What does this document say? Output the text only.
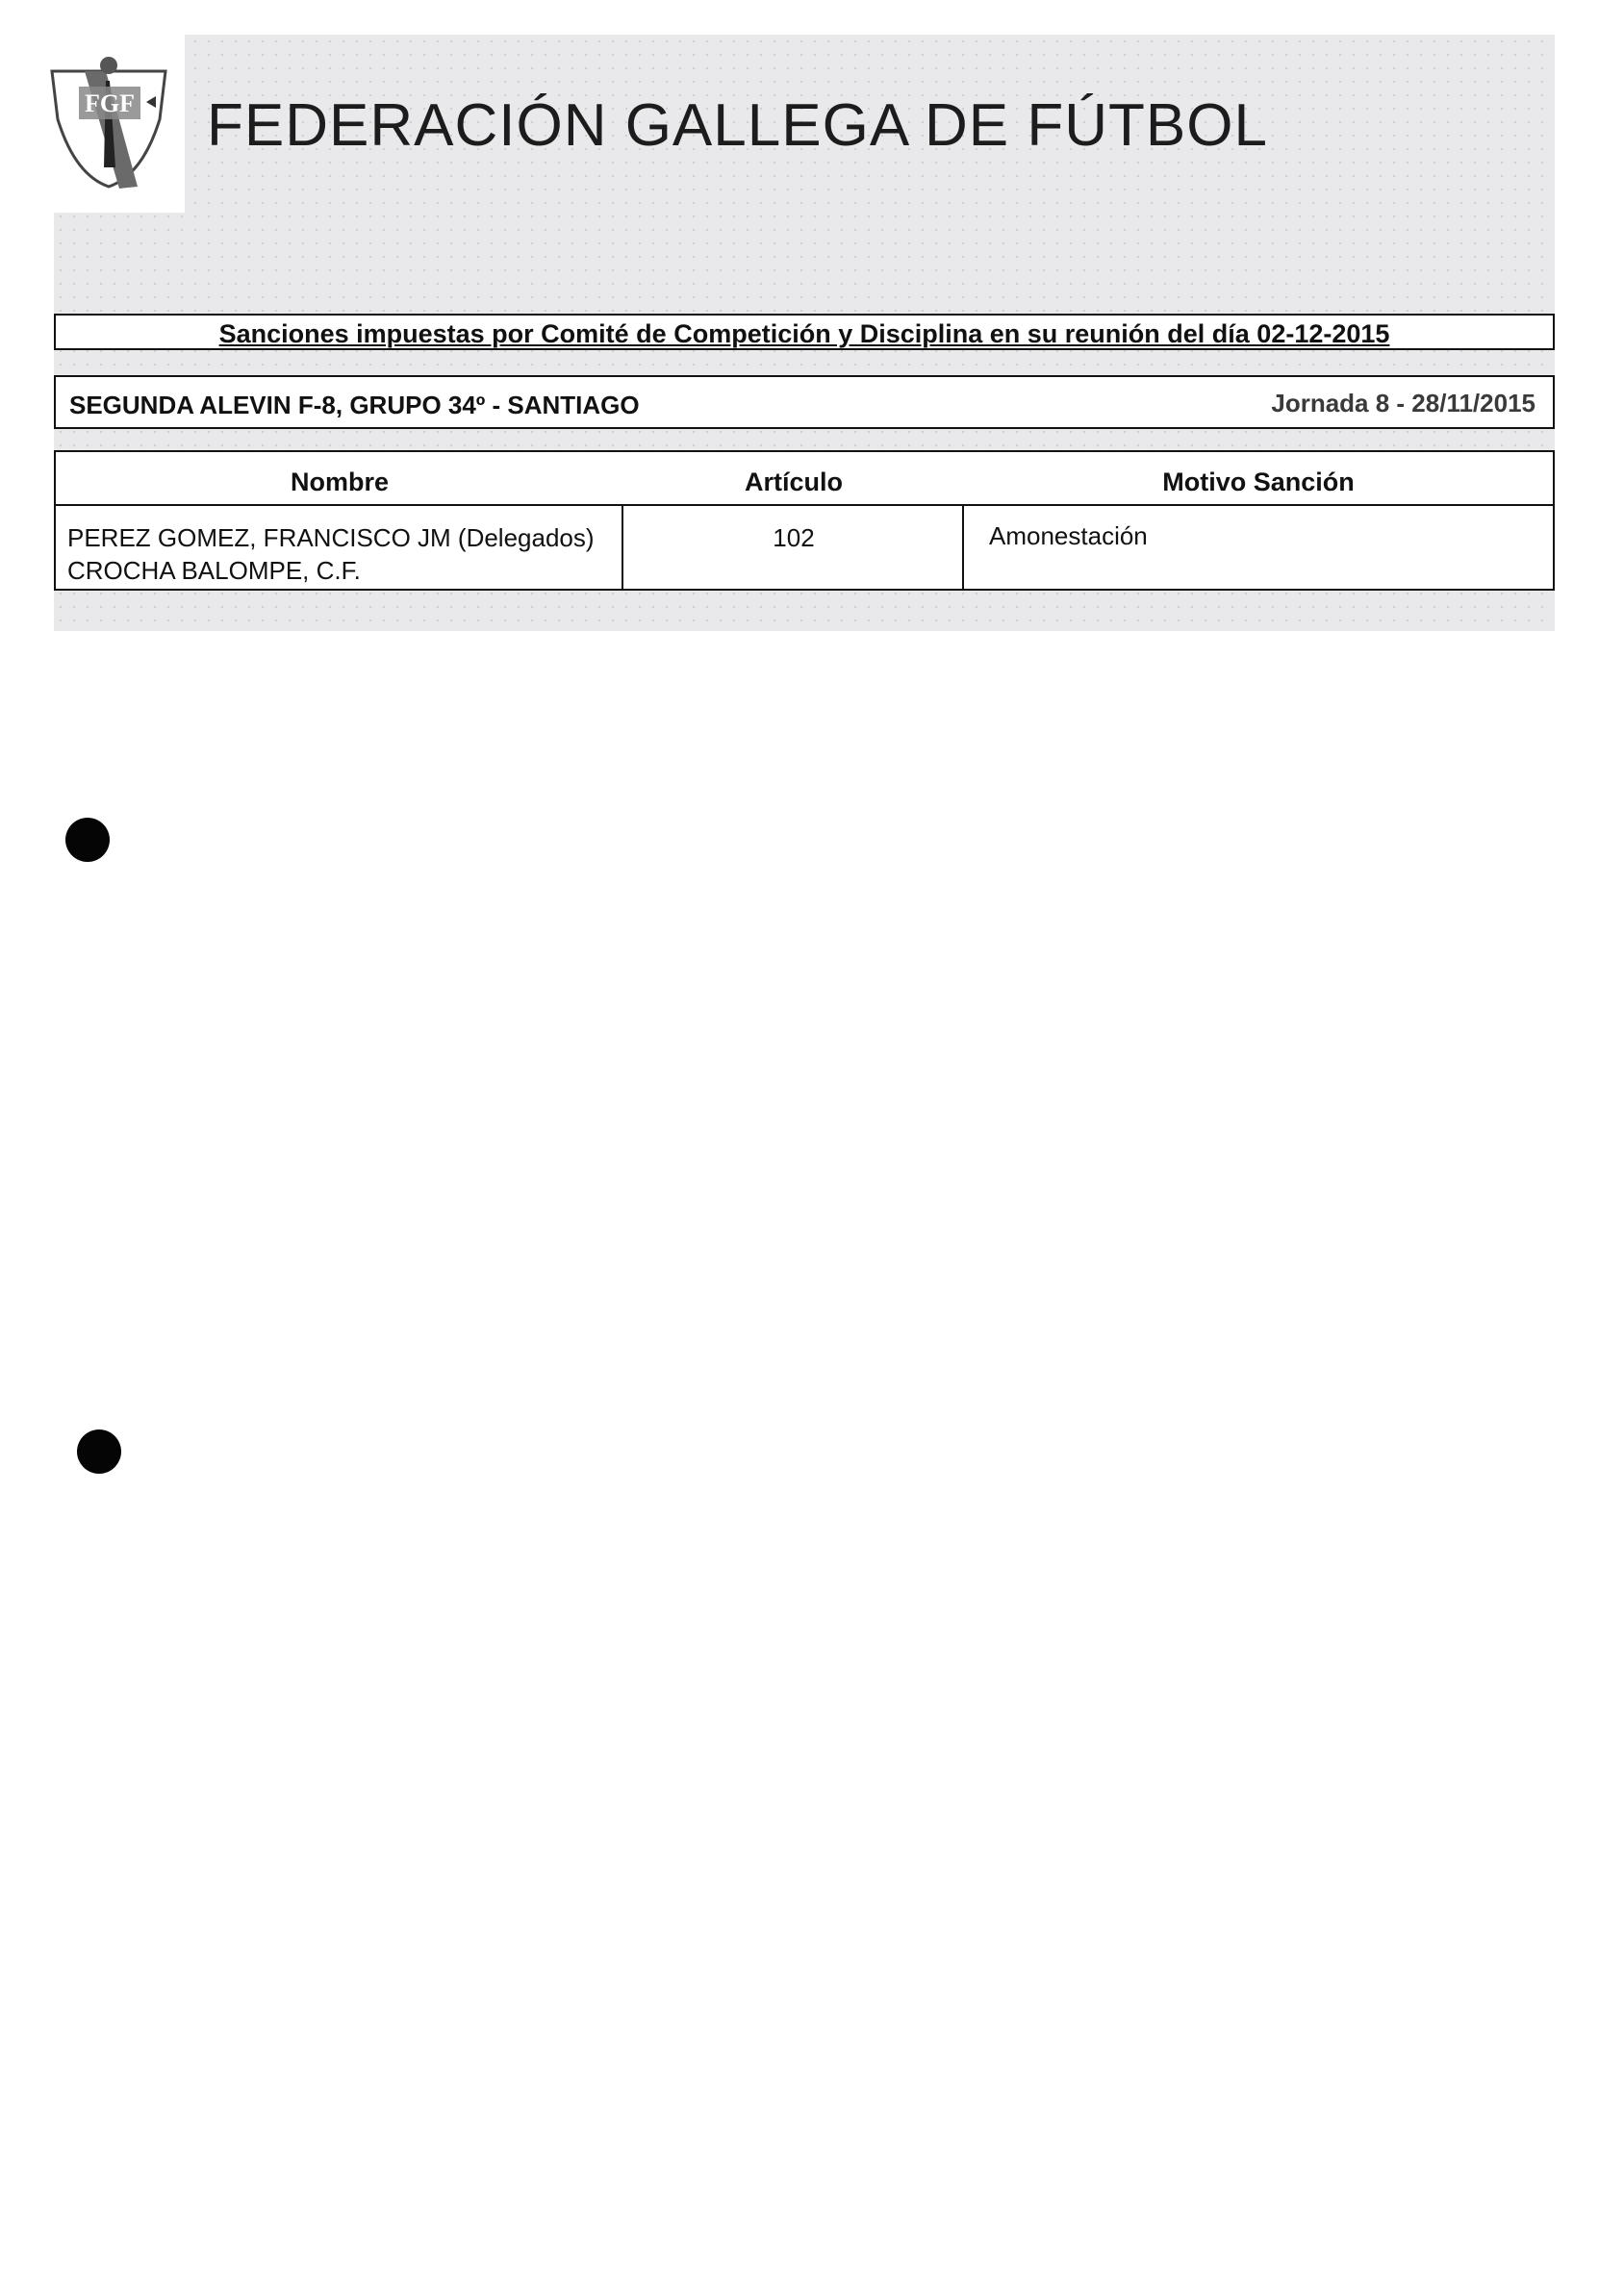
FGF FEDERACIÓN GALLEGA DE FÚTBOL
Sanciones impuestas por Comité de Competición y Disciplina en su reunión del día 02-12-2015
SEGUNDA ALEVIN F-8, GRUPO 34º - SANTIAGO	Jornada 8 - 28/11/2015
Nombre	Artículo	Motivo Sanción
PEREZ GOMEZ, FRANCISCO JM (Delegados)
CROCHA BALOMPE, C.F.
102	Amonestación
